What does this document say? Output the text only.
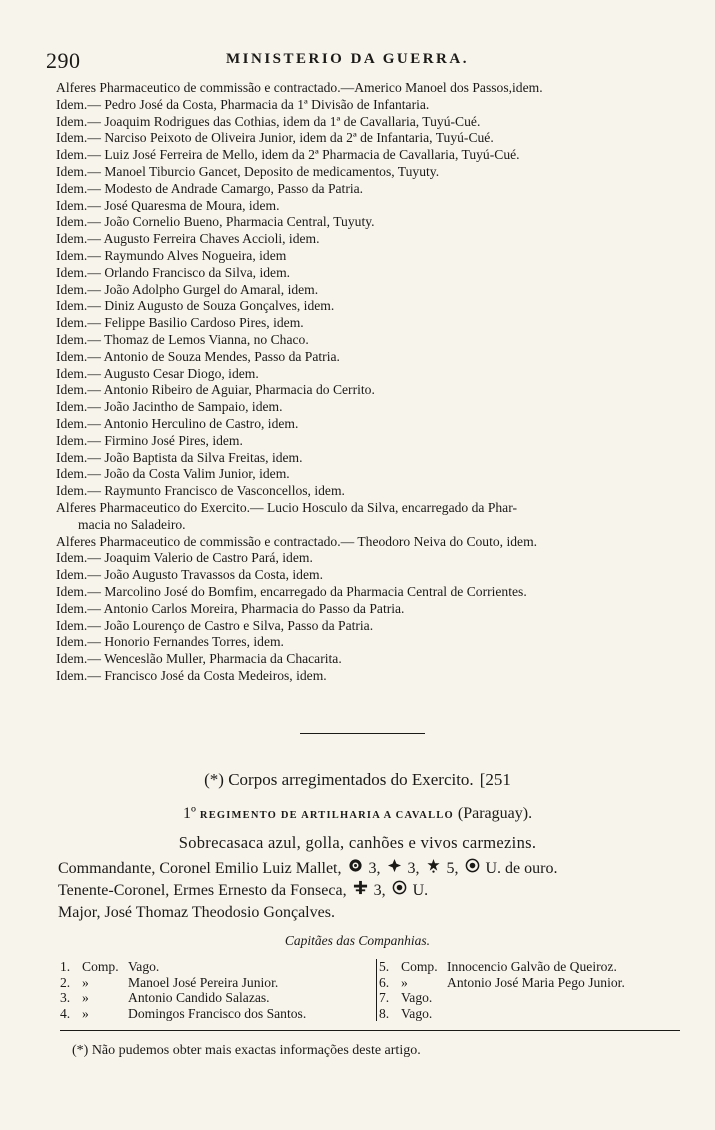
290	MINISTERIO DA GUERRA.
Alferes Pharmaceutico de commissão e contractado.—Americo Manoel dos Passos,idem.
Idem.— Pedro José da Costa, Pharmacia da 1ª Divisão de Infantaria.
Idem.— Joaquim Rodrigues das Cothias, idem da 1ª de Cavallaria, Tuyú-Cué.
Idem.— Narciso Peixoto de Oliveira Junior, idem da 2ª de Infantaria, Tuyú-Cué.
Idem.— Luiz José Ferreira de Mello, idem da 2ª Pharmacia de Cavallaria, Tuyú-Cué.
Idem.— Manoel Tiburcio Gancet, Deposito de medicamentos, Tuyuty.
Idem.— Modesto de Andrade Camargo, Passo da Patria.
Idem.— José Quaresma de Moura, idem.
Idem.— João Cornelio Bueno, Pharmacia Central, Tuyuty.
Idem.— Augusto Ferreira Chaves Accioli, idem.
Idem.— Raymundo Alves Nogueira, idem
Idem.— Orlando Francisco da Silva, idem.
Idem.— João Adolpho Gurgel do Amaral, idem.
Idem.— Diniz Augusto de Souza Gonçalves, idem.
Idem.— Felippe Basilio Cardoso Pires, idem.
Idem.— Thomaz de Lemos Vianna, no Chaco.
Idem.— Antonio de Souza Mendes, Passo da Patria.
Idem.— Augusto Cesar Diogo, idem.
Idem.— Antonio Ribeiro de Aguiar, Pharmacia do Cerrito.
Idem.— João Jacintho de Sampaio, idem.
Idem.— Antonio Herculino de Castro, idem.
Idem.— Firmino José Pires, idem.
Idem.— João Baptista da Silva Freitas, idem.
Idem.— João da Costa Valim Junior, idem.
Idem.— Raymunto Francisco de Vasconcellos, idem.
Alferes Pharmaceutico do Exercito.— Lucio Hosculo da Silva, encarregado da Phar-
macia no Saladeiro.
Alferes Pharmaceutico de commissão e contractado.— Theodoro Neiva do Couto, idem.
Idem.— Joaquim Valerio de Castro Pará, idem.
Idem.— João Augusto Travassos da Costa, idem.
Idem.— Marcolino José do Bomfim, encarregado da Pharmacia Central de Corrientes.
Idem.— Antonio Carlos Moreira, Pharmacia do Passo da Patria.
Idem.— João Lourenço de Castro e Silva, Passo da Patria.
Idem.— Honorio Fernandes Torres, idem.
Idem.— Wenceslão Muller, Pharmacia da Chacarita.
Idem.— Francisco José da Costa Medeiros, idem.
(*) Corpos arregimentados do Exercito. [251
1º REGIMENTO DE ARTILHARIA A CAVALLO (Paraguay).
Sobrecasaca azul, golla, canhões e vivos carmezins.
Commandante, Coronel Emilio Luiz Mallet, 3, 3, 5, U. de ouro.
Tenente-Coronel, Ermes Ernesto da Fonseca, 3, U.
Major, José Thomaz Theodosio Gonçalves.
Capitães das Companhias.
1. Comp. Vago.
2. »	Manoel José Pereira Junior.
3. »	Antonio Candido Salazas.
4. »	Domingos Francisco dos Santos.
5. Comp. Innocencio Galvão de Queiroz.
6. »	Antonio José Maria Pego Junior.
7. Vago.
8. Vago.
(*) Não pudemos obter mais exactas informações deste artigo.
